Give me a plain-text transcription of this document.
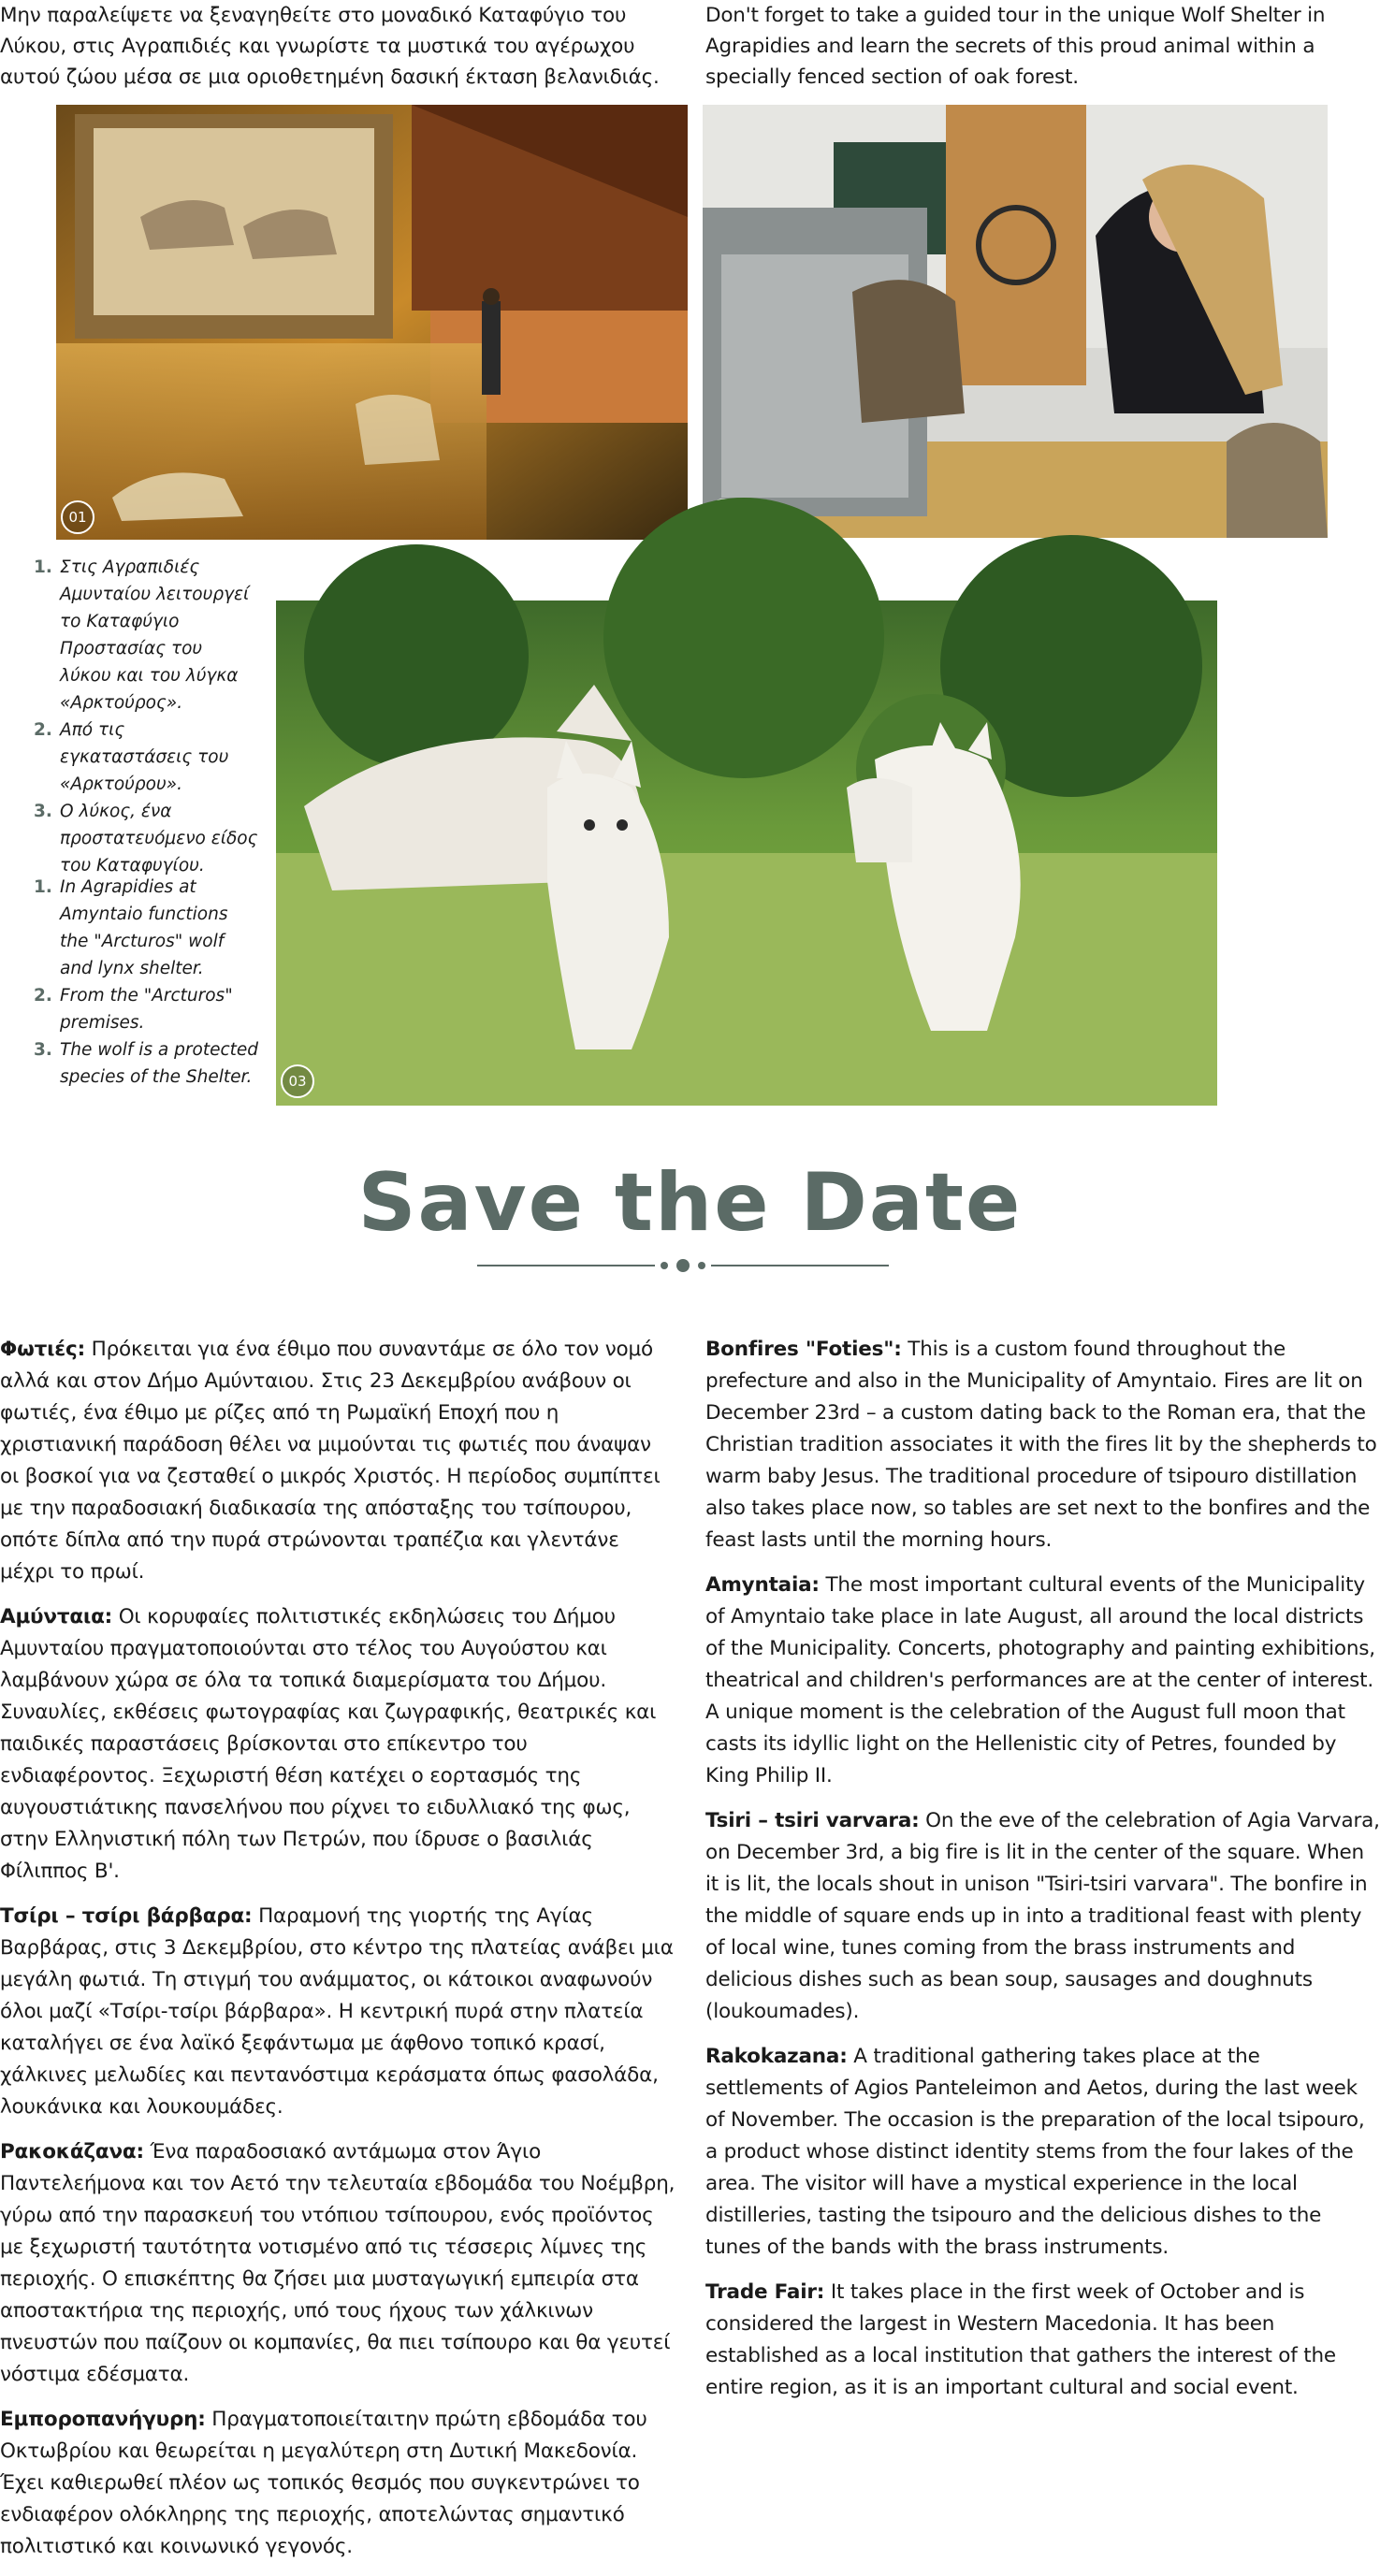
Μην παραλείψετε να ξεναγηθείτε στο μοναδικό Καταφύγιο του Λύκου, στις Αγραπιδιές και γνωρίστε τα μυστικά του αγέρωχου αυτού ζώου μέσα σε μια οριοθετημένη δασική έκταση βελανιδιάς.

Don't forget to take a guided tour in the unique Wolf Shelter in Agrapidies and learn the secrets of this proud animal within a specially fenced section of oak forest.

01
1. Στις Αγραπιδιές Αμυνταίου λειτουργεί το Καταφύγιο Προστασίας του λύκου και του λύγκα «Αρκτούρος».
2. Από τις εγκαταστάσεις του «Αρκτούρου».
3. Ο λύκος, ένα προστατευόμενο είδος του Καταφυγίου.
1. In Agrapidies at Amyntaio functions the "Arcturos" wolf and lynx shelter.
2. From the "Arcturos" premises.
3. The wolf is a protected species of the Shelter.	03
Save the Date

Φωτιές: Πρόκειται για ένα έθιμο που συναντάμε σε όλο τον νομό αλλά και στον Δήμο Αμύνταιου. Στις 23 Δεκεμβρίου ανάβουν οι φωτιές, ένα έθιμο με ρίζες από τη Ρωμαϊκή Εποχή που η χριστιανική παράδοση θέλει να μιμούνται τις φωτιές που άναψαν οι βοσκοί για να ζεσταθεί ο μικρός Χριστός. Η περίοδος συμπίπτει με την παραδοσιακή διαδικασία της απόσταξης του τσίπουρου, οπότε δίπλα από την πυρά στρώνονται τραπέζια και γλεντάνε μέχρι το πρωί.

Αμύνταια: Οι κορυφαίες πολιτιστικές εκδηλώσεις του Δήμου Αμυνταίου πραγματοποιούνται στο τέλος του Αυγούστου και λαμβάνουν χώρα σε όλα τα τοπικά διαμερίσματα του Δήμου. Συναυλίες, εκθέσεις φωτογραφίας και ζωγραφικής, θεατρικές και παιδικές παραστάσεις βρίσκονται στο επίκεντρο του ενδιαφέροντος. Ξεχωριστή θέση κατέχει ο εορτασμός της αυγουστιάτικης πανσελήνου που ρίχνει το ειδυλλιακό της φως, στην Ελληνιστική πόλη των Πετρών, που ίδρυσε ο βασιλιάς Φίλιππος Β'.

Τσίρι – τσίρι βάρβαρα: Παραμονή της γιορτής της Αγίας Βαρβάρας, στις 3 Δεκεμβρίου, στο κέντρο της πλατείας ανάβει μια μεγάλη φωτιά. Τη στιγμή του ανάμματος, οι κάτοικοι αναφωνούν όλοι μαζί «Τσίρι-τσίρι βάρβαρα». Η κεντρική πυρά στην πλατεία καταλήγει σε ένα λαϊκό ξεφάντωμα με άφθονο τοπικό κρασί, χάλκινες μελωδίες και πεντανόστιμα κεράσματα όπως φασολάδα, λουκάνικα και λουκουμάδες.

Ρακοκάζανα: Ένα παραδοσιακό αντάμωμα στον Άγιο Παντελεήμονα και τον Αετό την τελευταία εβδομάδα του Νοέμβρη, γύρω από την παρασκευή του ντόπιου τσίπουρου, ενός προϊόντος με ξεχωριστή ταυτότητα νοτισμένο από τις τέσσερις λίμνες της περιοχής. Ο επισκέπτης θα ζήσει μια μυσταγωγική εμπειρία στα αποστακτήρια της περιοχής, υπό τους ήχους των χάλκινων πνευστών που παίζουν οι κομπανίες, θα πιει τσίπουρο και θα γευτεί νόστιμα εδέσματα.

Εμποροπανήγυρη: Πραγματοποιείταιτην πρώτη εβδομάδα του Οκτωβρίου και θεωρείται η μεγαλύτερη στη Δυτική Μακεδονία. Έχει καθιερωθεί πλέον ως τοπικός θεσμός που συγκεντρώνει το ενδιαφέρον ολόκληρης της περιοχής, αποτελώντας σημαντικό πολιτιστικό και κοινωνικό γεγονός.

Bonfires "Foties": This is a custom found throughout the prefecture and also in the Municipality of Amyntaio. Fires are lit on December 23rd – a custom dating back to the Roman era, that the Christian tradition associates it with the fires lit by the shepherds to warm baby Jesus. The traditional procedure of tsipouro distillation also takes place now, so tables are set next to the bonfires and the feast lasts until the morning hours.

Amyntaia: The most important cultural events of the Municipality of Amyntaio take place in late August, all around the local districts of the Municipality. Concerts, photography and painting exhibitions, theatrical and children's performances are at the center of interest. A unique moment is the celebration of the August full moon that casts its idyllic light on the Hellenistic city of Petres, founded by King Philip II.

Tsiri – tsiri varvara: On the eve of the celebration of Agia Varvara, on December 3rd, a big fire is lit in the center of the square. When it is lit, the locals shout in unison "Tsiri-tsiri varvara". The bonfire in the middle of square ends up in into a traditional feast with plenty of local wine, tunes coming from the brass instruments and delicious dishes such as bean soup, sausages and doughnuts (loukoumades).

Rakokazana: A traditional gathering takes place at the settlements of Agios Panteleimon and Aetos, during the last week of November. The occasion is the preparation of the local tsipouro, a product whose distinct identity stems from the four lakes of the area. The visitor will have a mystical experience in the local distilleries, tasting the tsipouro and the delicious dishes to the tunes of the bands with the brass instruments.

Trade Fair: It takes place in the first week of October and is considered the largest in Western Macedonia. It has been established as a local institution that gathers the interest of the entire region, as it is an important cultural and social event.
